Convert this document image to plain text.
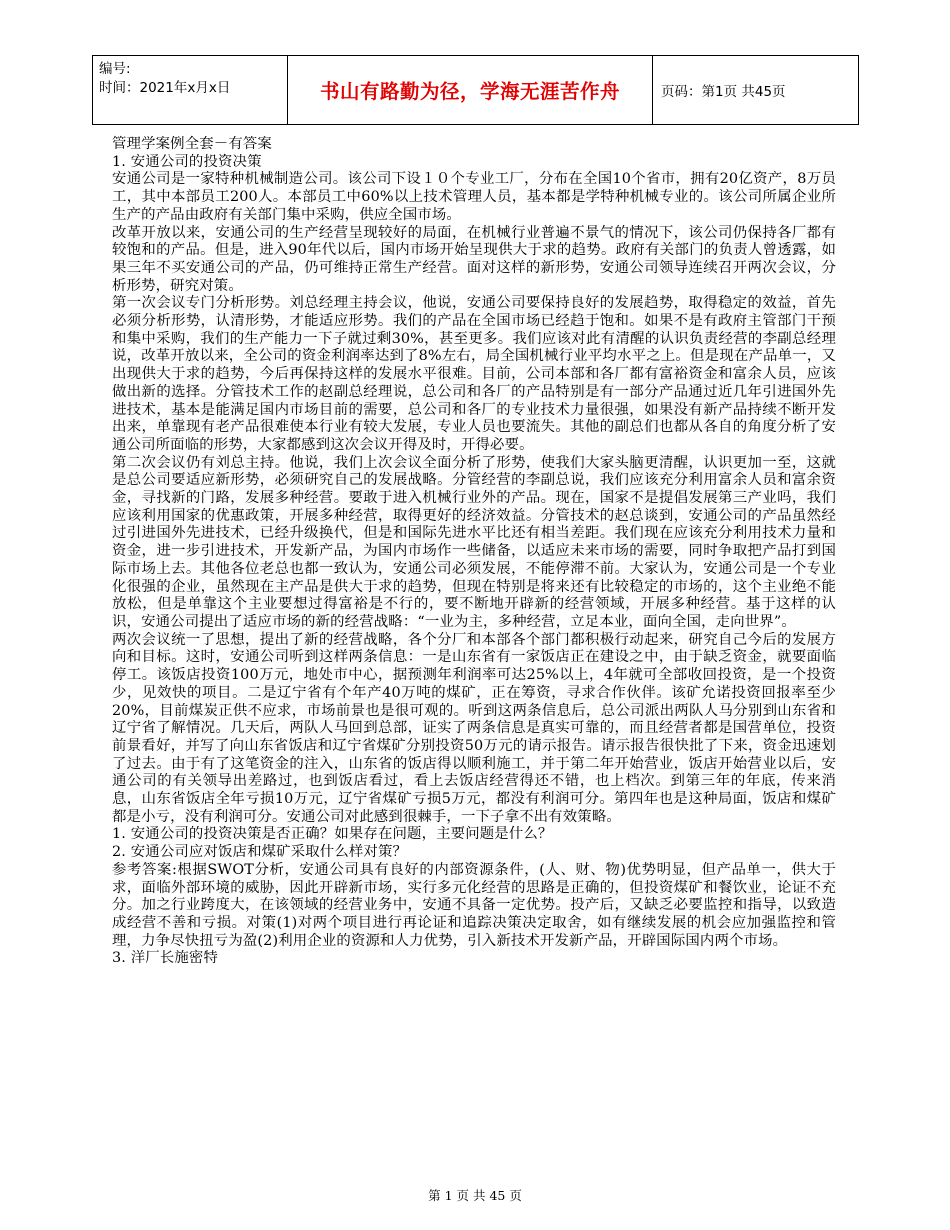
编号:
时间：2021年x月x日	书山有路勤为径，学海无涯苦作舟	页码：第1页 共45页

管理学案例全套－有答案

1. 安通公司的投资决策

安通公司是一家特种机械制造公司。该公司下设１０个专业工厂，分布在全国10个省市，拥有20亿资产，8万员工，其中本部员工200人。本部员工中60%以上技术管理人员，基本都是学特种机械专业的。该公司所属企业所生产的产品由政府有关部门集中采购，供应全国市场。

改革开放以来，安通公司的生产经营呈现较好的局面，在机械行业普遍不景气的情况下，该公司仍保持各厂都有较饱和的产品。但是，进入90年代以后，国内市场开始呈现供大于求的趋势。政府有关部门的负责人曾透露，如果三年不买安通公司的产品，仍可维持正常生产经营。面对这样的新形势，安通公司领导连续召开两次会议，分析形势，研究对策。

第一次会议专门分析形势。刘总经理主持会议，他说，安通公司要保持良好的发展趋势，取得稳定的效益，首先必须分析形势，认清形势，才能适应形势。我们的产品在全国市场已经趋于饱和。如果不是有政府主管部门干预和集中采购，我们的生产能力一下子就过剩30%，甚至更多。我们应该对此有清醒的认识负责经营的李副总经理说，改革开放以来，全公司的资金利润率达到了8%左右，局全国机械行业平均水平之上。但是现在产品单一，又出现供大于求的趋势，今后再保持这样的发展水平很难。目前，公司本部和各厂都有富裕资金和富余人员，应该做出新的选择。分管技术工作的赵副总经理说，总公司和各厂的产品特别是有一部分产品通过近几年引进国外先进技术，基本是能满足国内市场目前的需要，总公司和各厂的专业技术力量很强，如果没有新产品持续不断开发出来，单靠现有老产品很难使本行业有较大发展，专业人员也要流失。其他的副总们也都从各自的角度分析了安通公司所面临的形势，大家都感到这次会议开得及时，开得必要。

第二次会议仍有刘总主持。他说，我们上次会议全面分析了形势，使我们大家头脑更清醒，认识更加一至，这就是总公司要适应新形势，必须研究自己的发展战略。分管经营的李副总说，我们应该充分利用富余人员和富余资金，寻找新的门路，发展多种经营。要敢于进入机械行业外的产品。现在，国家不是提倡发展第三产业吗，我们应该利用国家的优惠政策，开展多种经营，取得更好的经济效益。分管技术的赵总谈到，安通公司的产品虽然经过引进国外先进技术，已经升级换代，但是和国际先进水平比还有相当差距。我们现在应该充分利用技术力量和资金，进一步引进技术，开发新产品，为国内市场作一些储备，以适应未来市场的需要，同时争取把产品打到国际市场上去。其他各位老总也都一致认为，安通公司必须发展，不能停滞不前。大家认为，安通公司是一个专业化很强的企业，虽然现在主产品是供大于求的趋势，但现在特别是将来还有比较稳定的市场的，这个主业绝不能放松，但是单靠这个主业要想过得富裕是不行的，要不断地开辟新的经营领域，开展多种经营。基于这样的认识，安通公司提出了适应市场的新的经营战略：“一业为主，多种经营，立足本业，面向全国，走向世界”。

两次会议统一了思想，提出了新的经营战略，各个分厂和本部各个部门都积极行动起来，研究自己今后的发展方向和目标。这时，安通公司听到这样两条信息：一是山东省有一家饭店正在建设之中，由于缺乏资金，就要面临停工。该饭店投资100万元，地处市中心，据预测年利润率可达25%以上，4年就可全部收回投资，是一个投资少，见效快的项目。二是辽宁省有个年产40万吨的煤矿，正在筹资，寻求合作伙伴。该矿允诺投资回报率至少20%，目前煤炭正供不应求，市场前景也是很可观的。听到这两条信息后，总公司派出两队人马分别到山东省和辽宁省了解情况。几天后，两队人马回到总部，证实了两条信息是真实可靠的，而且经营者都是国营单位，投资前景看好，并写了向山东省饭店和辽宁省煤矿分别投资50万元的请示报告。请示报告很快批了下来，资金迅速划了过去。由于有了这笔资金的注入，山东省的饭店得以顺利施工，并于第二年开始营业，饭店开始营业以后，安通公司的有关领导出差路过，也到饭店看过，看上去饭店经营得还不错，也上档次。到第三年的年底，传来消息，山东省饭店全年亏损10万元，辽宁省煤矿亏损5万元，都没有利润可分。第四年也是这种局面，饭店和煤矿都是小亏，没有利润可分。安通公司对此感到很棘手，一下子拿不出有效策略。

1. 安通公司的投资决策是否正确？如果存在问题，主要问题是什么？

2. 安通公司应对饭店和煤矿采取什么样对策？

参考答案:根据SWOT分析，安通公司具有良好的内部资源条件，(人、财、物)优势明显，但产品单一，供大于求，面临外部环境的威胁，因此开辟新市场，实行多元化经营的思路是正确的，但投资煤矿和餐饮业，论证不充分。加之行业跨度大，在该领域的经营业务中，安通不具备一定优势。投产后，又缺乏必要监控和指导，以致造成经营不善和亏损。对策(1)对两个项目进行再论证和追踪决策决定取舍，如有继续发展的机会应加强监控和管理，力争尽快扭亏为盈(2)利用企业的资源和人力优势，引入新技术开发新产品，开辟国际国内两个市场。

3. 洋厂长施密特

第 1 页 共 45 页
